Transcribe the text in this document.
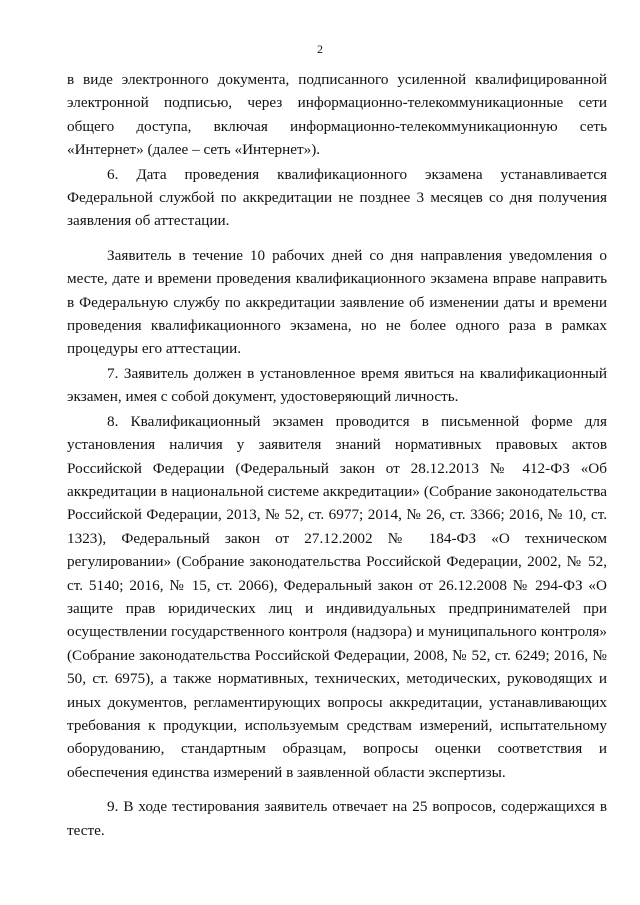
2

в виде электронного документа, подписанного усиленной квалифицированной электронной подписью, через информационно-телекоммуникационные сети общего доступа, включая информационно-телекоммуникационную сеть «Интернет» (далее – сеть «Интернет»).

6. Дата проведения квалификационного экзамена устанавливается Федеральной службой по аккредитации не позднее 3 месяцев со дня получения заявления об аттестации.

Заявитель в течение 10 рабочих дней со дня направления уведомления о месте, дате и времени проведения квалификационного экзамена вправе направить в Федеральную службу по аккредитации заявление об изменении даты и времени проведения квалификационного экзамена, но не более одного раза в рамках процедуры его аттестации.

7. Заявитель должен в установленное время явиться на квалификационный экзамен, имея с собой документ, удостоверяющий личность.

8. Квалификационный экзамен проводится в письменной форме для установления наличия у заявителя знаний нормативных правовых актов Российской Федерации (Федеральный закон от 28.12.2013 № 412-ФЗ «Об аккредитации в национальной системе аккредитации» (Собрание законодательства Российской Федерации, 2013, № 52, ст. 6977; 2014, № 26, ст. 3366; 2016, № 10, ст. 1323), Федеральный закон от 27.12.2002 № 184-ФЗ «О техническом регулировании» (Собрание законодательства Российской Федерации, 2002, № 52, ст. 5140; 2016, № 15, ст. 2066), Федеральный закон от 26.12.2008 № 294-ФЗ «О защите прав юридических лиц и индивидуальных предпринимателей при осуществлении государственного контроля (надзора) и муниципального контроля» (Собрание законодательства Российской Федерации, 2008, № 52, ст. 6249; 2016, № 50, ст. 6975), а также нормативных, технических, методических, руководящих и иных документов, регламентирующих вопросы аккредитации, устанавливающих требования к продукции, используемым средствам измерений, испытательному оборудованию, стандартным образцам, вопросы оценки соответствия и обеспечения единства измерений в заявленной области экспертизы.

9. В ходе тестирования заявитель отвечает на 25 вопросов, содержащихся в тесте.
